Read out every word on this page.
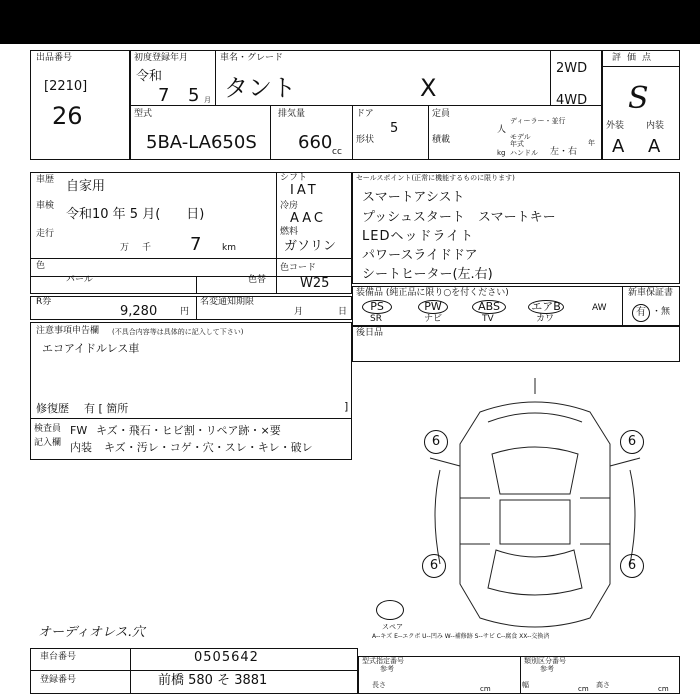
出品番号
[2210]
26
初度登録年月
令和
7 5 月
車名・グレード
タント	X
2WD
4WD
型式
5BA-LA650S
排気量
660 cc
ドア
形状
5
定員
積載
人
kg
ディーラー・並行
モデル年式	年
ハンドル 左・右
評価点
S
外装 内装
A A
車歴 自家用
車検
令和10 年 5 月(　　日)
走行
万　千 7 km
シフト
IAT
冷房
AAC
燃料
ガソリン
色
パール	色替
色コード
W25
R券
9,280	円
名変通知期限
月	日
セールスポイント(正常に機能するものに限ります)
スマートアシスト
プッシュスタート　スマートキー
LEDヘッドライト
パワースライドドア
シートヒーター(左.右)
装備品 (純正品に限り○を付ください)
PS
SR
PW
ナビ
ABS
TV
エアB
カワ
AW
新車保証書
有 ・無
注意事項申告欄 (不具合内容等は具体的に記入して下さい)
エコアイドルレス車
修復歴 有 [ 箇所	]
検査員
記入欄
FW キズ・飛石・ヒビ割・リペア跡・×要
内装 キズ・汚レ・コゲ・穴・スレ・キレ・破レ
後日品
6	6
6	6
スペア
A--キズ E--エクボ U--凹み W--補修跡 S--サビ C--腐食 XX--交換済
オーディオレス.穴
車台番号	0505642
登録番号	前橋 580 そ 3881
型式指定番号
参考
類別区分番号
参考
長さ	cm	幅	cm 高さ	cm
